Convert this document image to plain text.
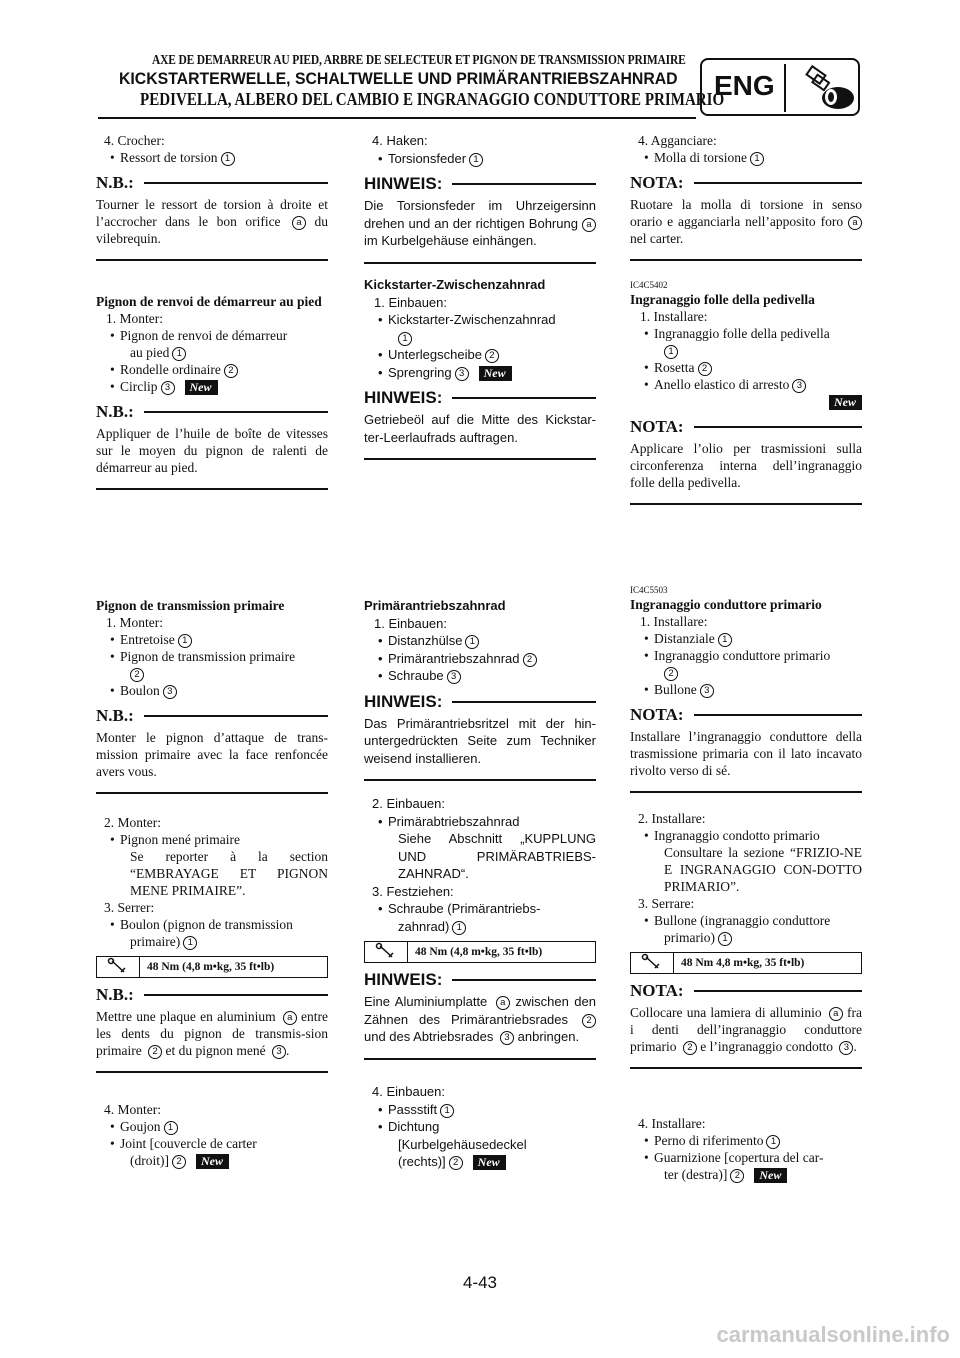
AXE DE DEMARREUR AU PIED, ARBRE DE SELECTEUR ET PIGNON DE TRANSMISSION PRIMAIRE
KICKSTARTERWELLE, SCHALTWELLE UND PRIMÄRANTRIEBSZAHNRAD
PEDIVELLA, ALBERO DEL CAMBIO E INGRANAGGIO CONDUTTORE PRIMARIO
ENG
4. Crocher:
• Ressort de torsion 1
N.B.:
Tourner le ressort de torsion à droite et l’accrocher dans le bon orifice a du vilebrequin.
Pignon de renvoi de démarreur au pied
1. Monter:
• Pignon de renvoi de démarreur
au pied 1
• Rondelle ordinaire 2
• Circlip 3 New
N.B.:
Appliquer de l’huile de boîte de vitesses sur le moyen du pignon de ralenti de démarreur au pied.
Pignon de transmission primaire
1. Monter:
• Entretoise 1
• Pignon de transmission primaire
2
• Boulon 3
N.B.:
Monter le pignon d’attaque de trans-mission primaire avec la face renfoncée avers vous.
2. Monter:
• Pignon mené primaire
Se reporter à la section “EMBRAYAGE ET PIGNON MENE PRIMAIRE”.
3. Serrer:
• Boulon (pignon de transmission
primaire) 1
48 Nm (4,8 m•kg, 35 ft•lb)
N.B.:
Mettre une plaque en aluminium a entre les dents du pignon de transmis-sion primaire 2 et du pignon mené 3 .
4. Monter:
• Goujon 1
• Joint [couvercle de carter
(droit)] 2 New
4. Haken:
• Torsionsfeder 1
HINWEIS:
Die Torsionsfeder im Uhrzeigersinn drehen und an der richtigen Bohrung a im Kurbelgehäuse einhängen.
Kickstarter-Zwischenzahnrad
1. Einbauen:
• Kickstarter-Zwischenzahnrad
1
• Unterlegscheibe 2
• Sprengring 3 New
HINWEIS:
Getriebeöl auf die Mitte des Kickstar-ter-Leerlaufrads auftragen.
Primärantriebszahnrad
1. Einbauen:
• Distanzhülse 1
• Primärantriebszahnrad 2
• Schraube 3
HINWEIS:
Das Primärantriebsritzel mit der hin-untergedrückten Seite zum Techniker weisend installieren.
2. Einbauen:
• Primärabtriebszahnrad
Siehe Abschnitt „KUPPLUNG UND PRIMÄRABTRIEBS-ZAHNRAD“.
3. Festziehen:
• Schraube (Primärantriebs-
zahnrad) 1
48 Nm (4,8 m•kg, 35 ft•lb)
HINWEIS:
Eine Aluminiumplatte a zwischen den Zähnen des Primärantriebsrades 2 und des Abtriebsrades 3 anbringen.
4. Einbauen:
• Passstift 1
• Dichtung
[Kurbelgehäusedeckel
(rechts)] 2 New
4. Agganciare:
• Molla di torsione 1
NOTA:
Ruotare la molla di torsione in senso orario e agganciarla nell’apposito foro a nel carter.
IC4C5402
Ingranaggio folle della pedivella
1. Installare:
• Ingranaggio folle della pedivella
1
• Rosetta 2
• Anello elastico di arresto 3
New
NOTA:
Applicare l’olio per trasmissioni sulla circonferenza interna dell’ingranaggio folle della pedivella.
IC4C5503
Ingranaggio conduttore primario
1. Installare:
• Distanziale 1
• Ingranaggio conduttore primario
2
• Bullone 3
NOTA:
Installare l’ingranaggio conduttore della trasmissione primaria con il lato incavato rivolto verso di sé.
2. Installare:
• Ingranaggio condotto primario
Consultare la sezione “FRIZIO-NE E INGRANAGGIO CON-DOTTO PRIMARIO”.
3. Serrare:
• Bullone (ingranaggio conduttore
primario) 1
48 Nm 4,8 m•kg, 35 ft•lb)
NOTA:
Collocare una lamiera di alluminio a fra i denti dell’ingranaggio conduttore primario 2 e l’ingranaggio condotto 3 .
4. Installare:
• Perno di riferimento 1
• Guarnizione [copertura del car-
ter (destra)] 2 New
4-43
carmanualsonline.info
